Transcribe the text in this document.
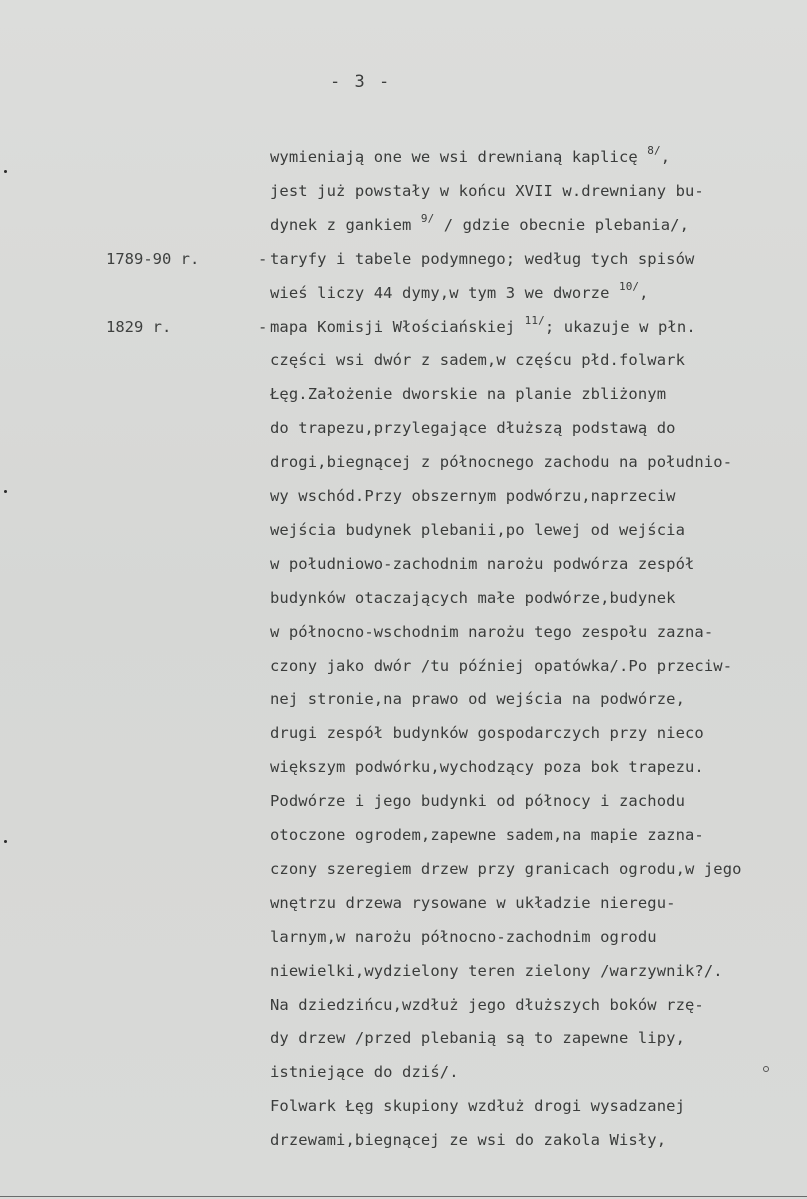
- 3 -
wymieniają one we wsi drewnianą kaplicę $^{8/}$,
jest już powstały w końcu XVII w.drewniany bu-
dynek z gankiem $^{9/}$ / gdzie obecnie plebania/,
1789-90 r.	- taryfy i tabele podymnego; według tych spisów
wieś liczy 44 dymy,w tym 3 we dworze $^{10/}$,
1829 r.	- mapa Komisji Włościańskiej $^{11/}$; ukazuje w płn.
części wsi dwór z sadem,w częścu płd.folwark
Łęg.Założenie dworskie na planie zbliżonym
do trapezu,przylegające dłuższą podstawą do
drogi,biegnącej z północnego zachodu na południo-
wy wschód.Przy obszernym podwórzu,naprzeciw
wejścia budynek plebanii,po lewej od wejścia
w południowo-zachodnim narożu podwórza zespół
budynków otaczających małe podwórze,budynek
w północno-wschodnim narożu tego zespołu zazna-
czony jako dwór /tu później opatówka/.Po przeciw-
nej stronie,na prawo od wejścia na podwórze,
drugi zespół budynków gospodarczych przy nieco
większym podwórku,wychodzący poza bok trapezu.
Podwórze i jego budynki od północy i zachodu
otoczone ogrodem,zapewne sadem,na mapie zazna-
czony szeregiem drzew przy granicach ogrodu,w jego
wnętrzu drzewa rysowane w układzie nieregu-
larnym,w narożu północno-zachodnim ogrodu
niewielki,wydzielony teren zielony /warzywnik?/.
Na dziedzińcu,wzdłuż jego dłuższych boków rzę-
dy drzew /przed plebanią są to zapewne lipy,
istniejące do dziś/.
Folwark Łęg skupiony wzdłuż drogi wysadzanej
drzewami,biegnącej ze wsi do zakola Wisły,
